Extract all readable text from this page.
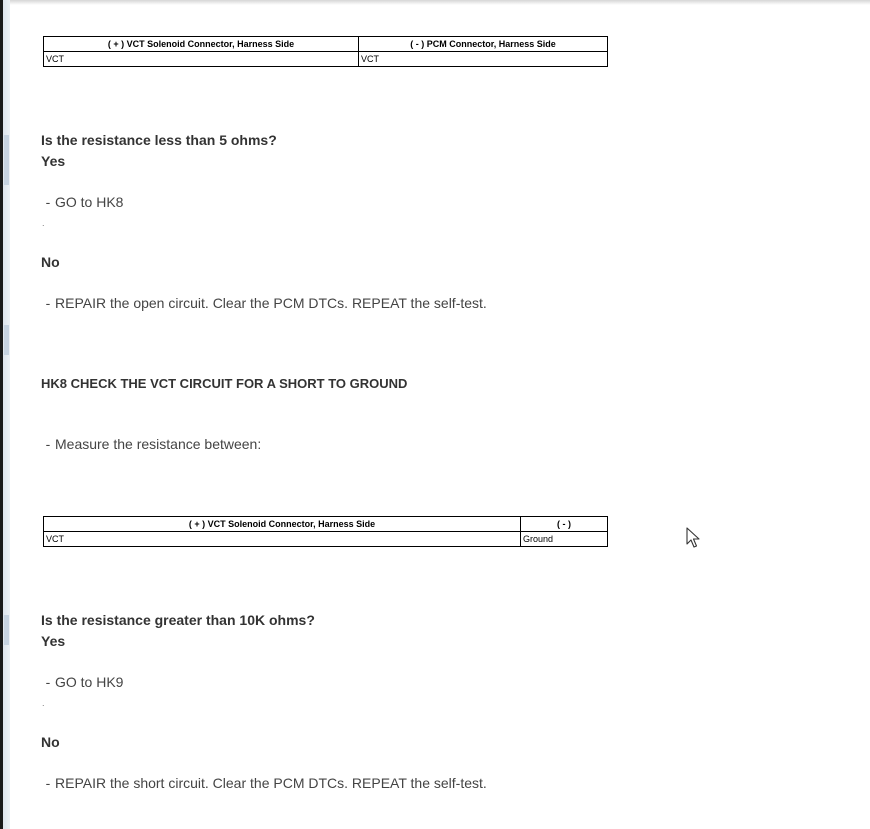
( + ) VCT Solenoid Connector, Harness Side	( - ) PCM Connector, Harness Side
VCT	VCT
Is the resistance less than 5 ohms?
Yes
- GO to HK8
.
No
- REPAIR the open circuit. Clear the PCM DTCs. REPEAT the self-test.
HK8 CHECK THE VCT CIRCUIT FOR A SHORT TO GROUND
- Measure the resistance between:
( + ) VCT Solenoid Connector, Harness Side	( - )
VCT	Ground
Is the resistance greater than 10K ohms?
Yes
- GO to HK9
.
No
- REPAIR the short circuit. Clear the PCM DTCs. REPEAT the self-test.
